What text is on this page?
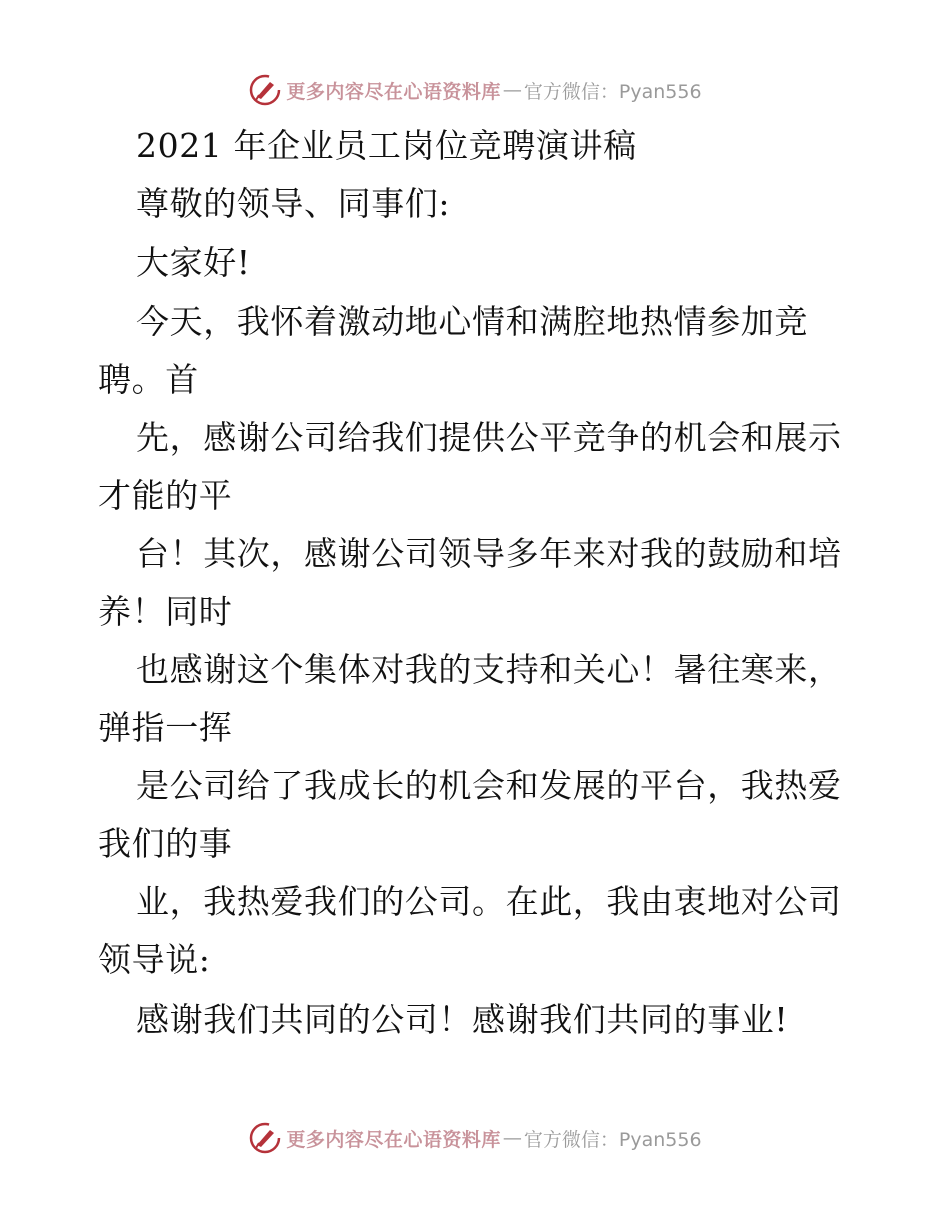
更多内容尽在心语资料库 — 官方微信：Pyan556
2021 年企业员工岗位竞聘演讲稿
尊敬的领导、同事们:
大家好!
今天，我怀着激动地心情和满腔地热情参加竞
聘。首
先，感谢公司给我们提供公平竞争的机会和展示
才能的平
台！其次，感谢公司领导多年来对我的鼓励和培
养！同时
也感谢这个集体对我的支持和关心！暑往寒来，
弹指一挥
是公司给了我成长的机会和发展的平台，我热爱
我们的事
业，我热爱我们的公司。在此，我由衷地对公司
领导说:
感谢我们共同的公司！感谢我们共同的事业!
更多内容尽在心语资料库 — 官方微信：Pyan556
